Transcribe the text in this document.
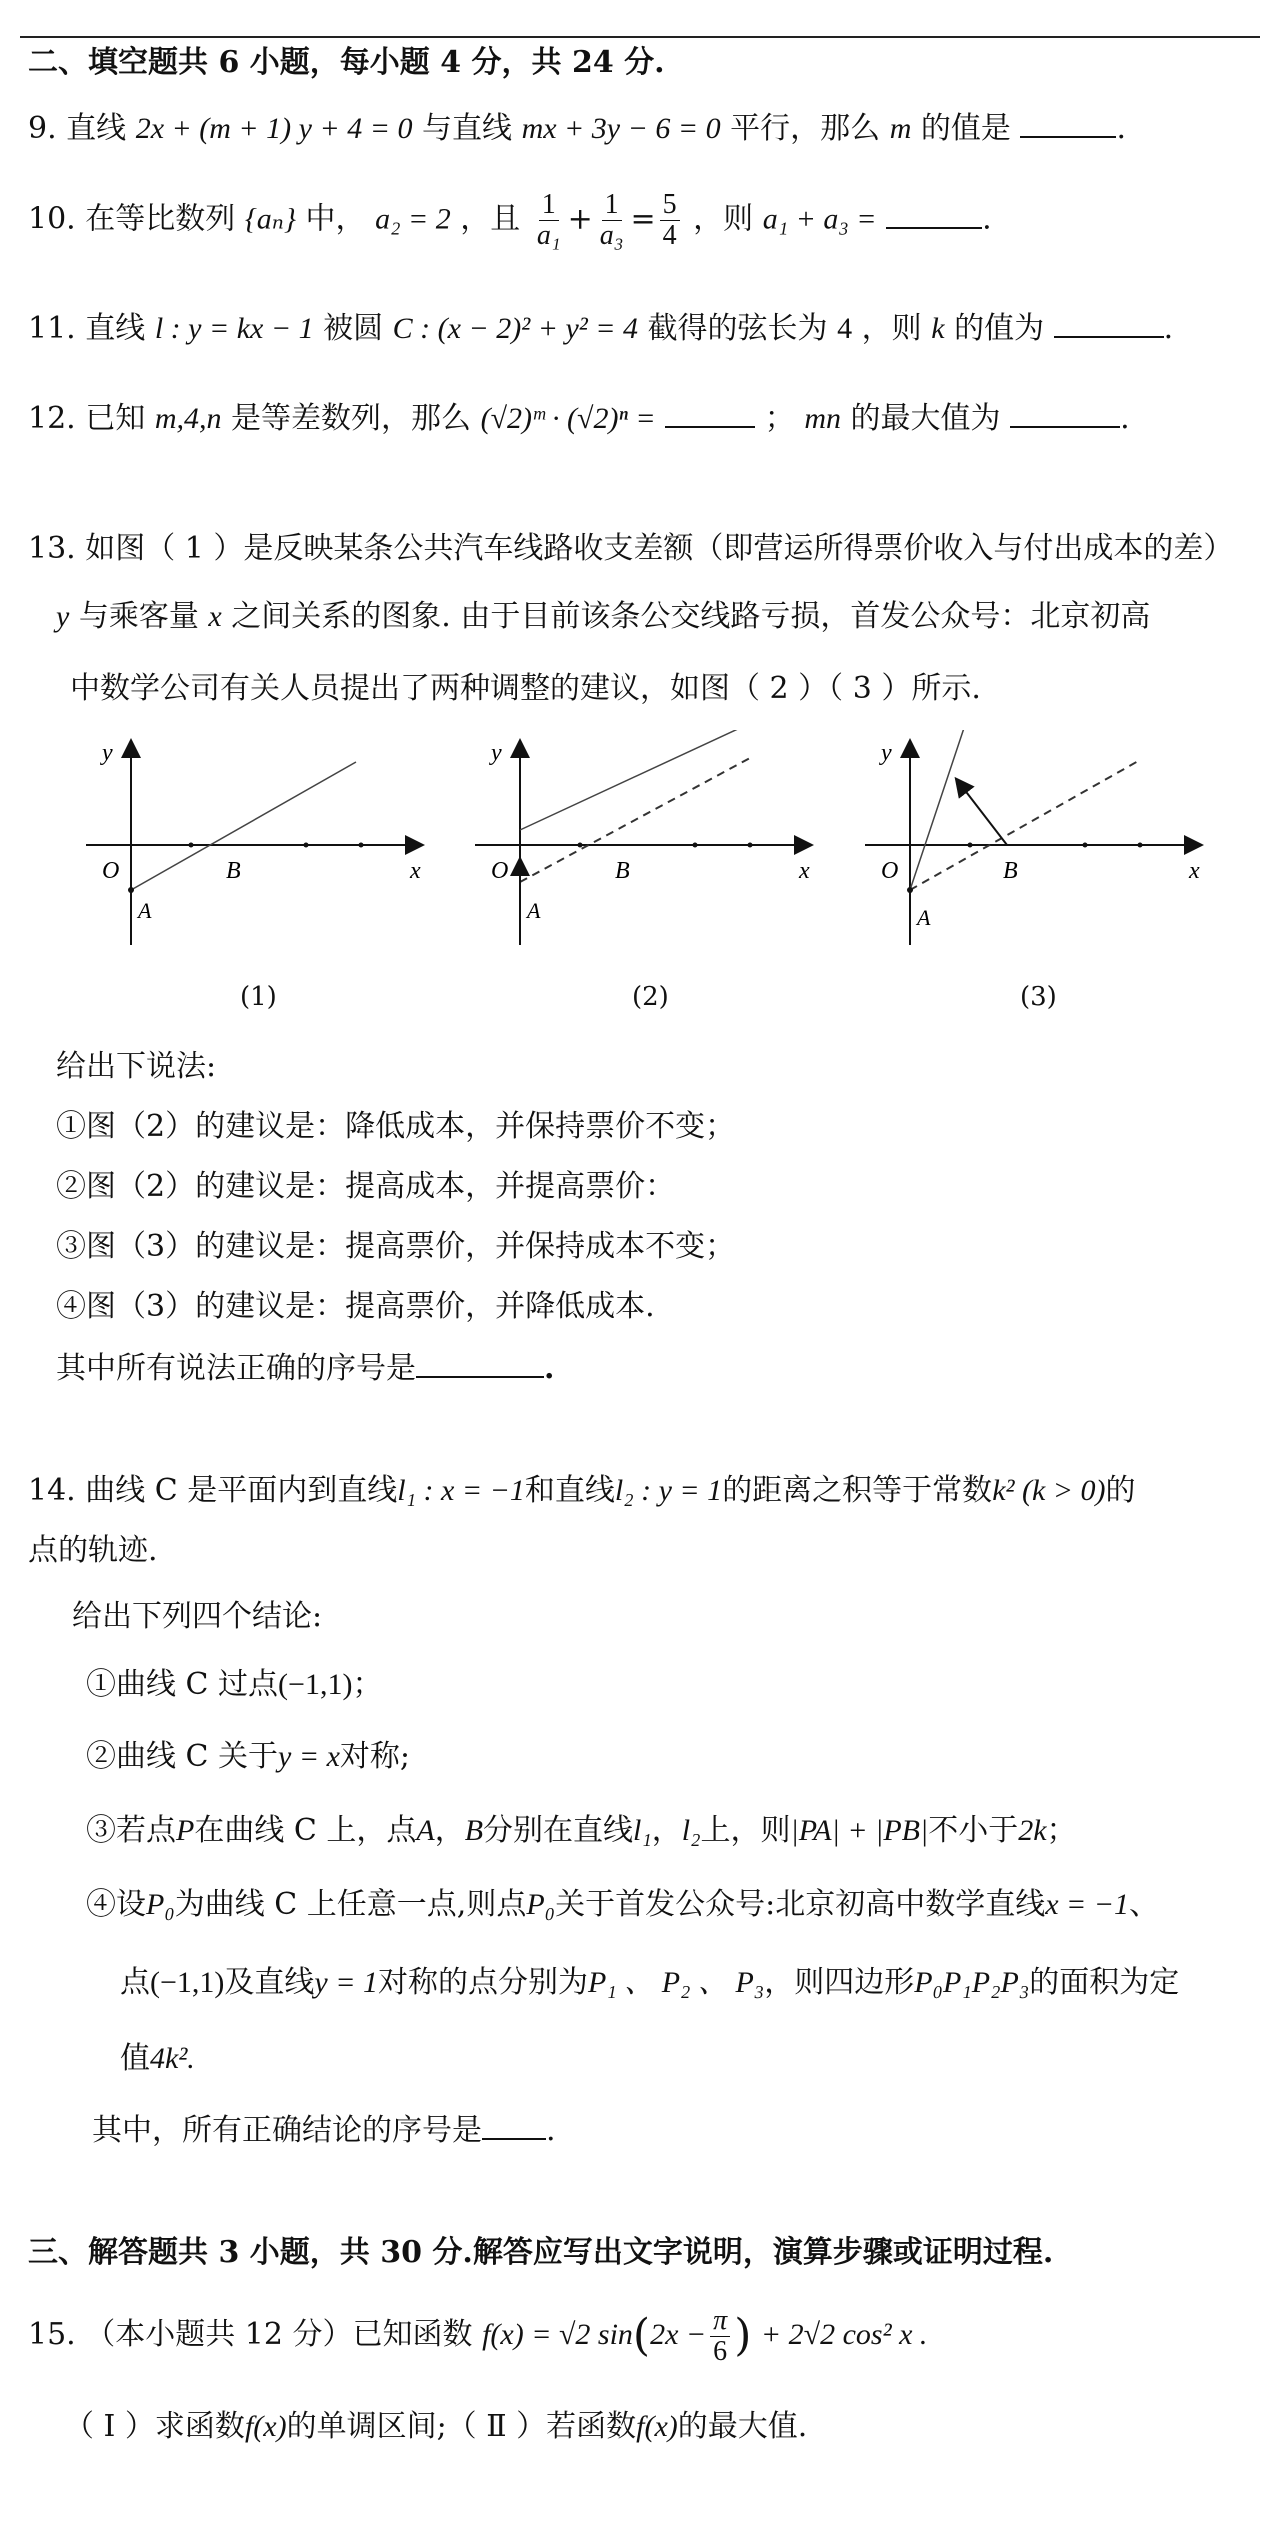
二、填空题共 6 小题，每小题 4 分，共 24 分.
9. 直线 2x + (m + 1) y + 4 = 0 与直线 mx + 3y − 6 = 0 平行，那么 m 的值是	.
10. 在等比数列 {aₙ} 中， a₂ = 2 ，且 $\frac{1}{\text{a₁}} + \frac{1}{\text{a₃}} = \frac{5}{4}$ ，则 a₁ + a₃ =	.
11. 直线 l : y = kx − 1 被圆 C : (x − 2)² + y² = 4 截得的弦长为 4 ，则 k 的值为	.
12. 已知 m,4,n 是等差数列，那么 (√2)ᵐ · (√2)ⁿ =	； mn 的最大值为	.
13. 如图（ 1 ）是反映某条公共汽车线路收支差额（即营运所得票价收入与付出成本的差）
y 与乘客量 x 之间关系的图象. 由于目前该条公交线路亏损，首发公众号：北京初高
中数学公司有关人员提出了两种调整的建议，如图（ 2 ）（ 3 ）所示.
y
x
O
A
B
y
x
O
A
B
y
x
O
A
B
(1)	(2)	(3)
给出下说法:
①图（2）的建议是：降低成本，并保持票价不变；
②图（2）的建议是：提高成本，并提高票价：
③图（3）的建议是：提高票价，并保持成本不变；
④图（3）的建议是：提高票价，并降低成本.
其中所有说法正确的序号是	.
14. 曲线 C 是平面内到直线l₁ : x = −1和直线l₂ : y = 1的距离之积等于常数k² (k > 0)的
点的轨迹.
给出下列四个结论:
①曲线 C 过点(−1,1)；
②曲线 C 关于y = x对称;
③若点P在曲线 C 上，点A，B分别在直线l₁，l₂上，则|PA| + |PB|不小于2k；
④设P₀为曲线 C 上任意一点,则点P₀关于首发公众号:北京初高中数学直线x = −1、
点(−1,1)及直线y = 1对称的点分别为P₁ 、 P₂ 、 P₃，则四边形P₀P₁P₂P₃的面积为定
值4k².
其中，所有正确结论的序号是 .
三、解答题共 3 小题，共 30 分.解答应写出文字说明，演算步骤或证明过程.
15. （本小题共 12 分）已知函数 f(x) = √2 $\sin(2x - \frac{\pi}{6}$ ) + 2√2 cos² x .
（ Ⅰ ）求函数f(x)的单调区间;（ Ⅱ ）若函数f(x)的最大值.
